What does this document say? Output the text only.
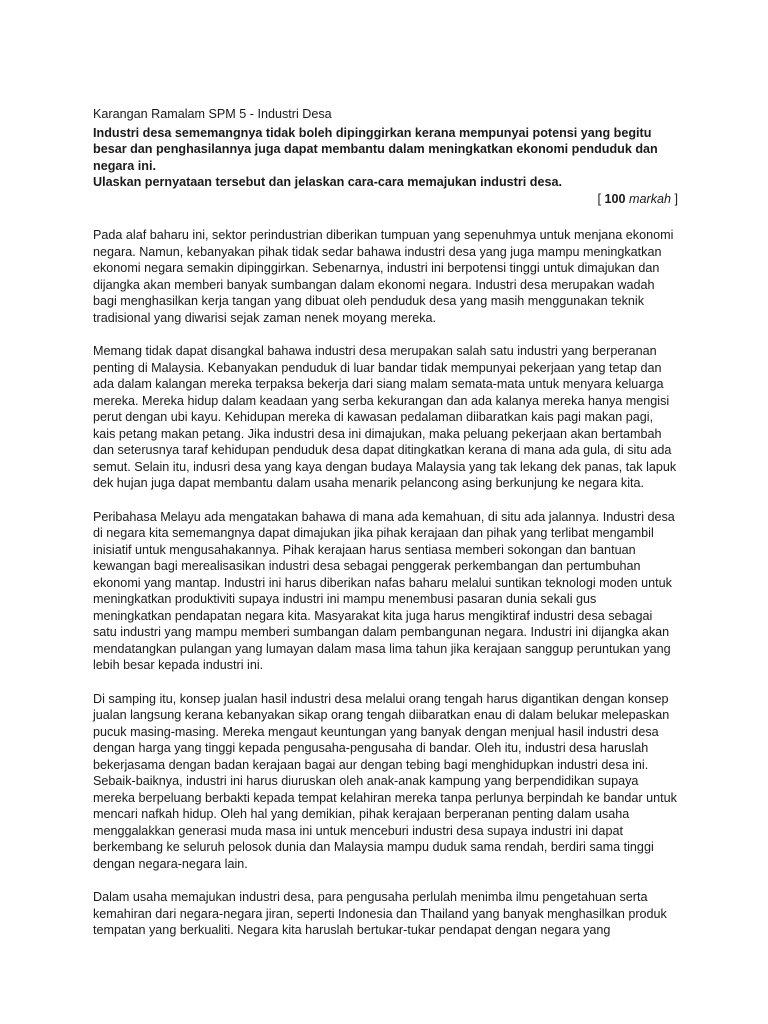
Karangan Ramalam SPM 5 - Industri Desa

Industri desa sememangnya tidak boleh dipinggirkan kerana mempunyai potensi yang begitu besar dan penghasilannya juga dapat membantu dalam meningkatkan ekonomi penduduk dan negara ini.

Ulaskan pernyataan tersebut dan jelaskan cara-cara memajukan industri desa.

[ 100 markah ]

Pada alaf baharu ini, sektor perindustrian diberikan tumpuan yang sepenuhmya untuk menjana ekonomi negara. Namun, kebanyakan pihak tidak sedar bahawa industri desa yang juga mampu meningkatkan ekonomi negara semakin dipinggirkan. Sebenarnya, industri ini berpotensi tinggi untuk dimajukan dan dijangka akan memberi banyak sumbangan dalam ekonomi negara. Industri desa merupakan wadah bagi menghasilkan kerja tangan yang dibuat oleh penduduk desa yang masih menggunakan teknik tradisional yang diwarisi sejak zaman nenek moyang mereka.

Memang tidak dapat disangkal bahawa industri desa merupakan salah satu industri yang berperanan penting di Malaysia. Kebanyakan penduduk di luar bandar tidak mempunyai pekerjaan yang tetap dan ada dalam kalangan mereka terpaksa bekerja dari siang malam semata-mata untuk menyara keluarga mereka. Mereka hidup dalam keadaan yang serba kekurangan dan ada kalanya mereka hanya mengisi perut dengan ubi kayu. Kehidupan mereka di kawasan pedalaman diibaratkan kais pagi makan pagi, kais petang makan petang. Jika industri desa ini dimajukan, maka peluang pekerjaan akan bertambah dan seterusnya taraf kehidupan penduduk desa dapat ditingkatkan kerana di mana ada gula, di situ ada semut. Selain itu, indusri desa yang kaya dengan budaya Malaysia yang tak lekang dek panas, tak lapuk dek hujan juga dapat membantu dalam usaha menarik pelancong asing berkunjung ke negara kita.

Peribahasa Melayu ada mengatakan bahawa di mana ada kemahuan, di situ ada jalannya. Industri desa di negara kita sememangnya dapat dimajukan jika pihak kerajaan dan pihak yang terlibat mengambil inisiatif untuk mengusahakannya. Pihak kerajaan harus sentiasa memberi sokongan dan bantuan kewangan bagi merealisasikan industri desa sebagai penggerak perkembangan dan pertumbuhan ekonomi yang mantap. Industri ini harus diberikan nafas baharu melalui suntikan teknologi moden untuk meningkatkan produktiviti supaya industri ini mampu menembusi pasaran dunia sekali gus meningkatkan pendapatan negara kita. Masyarakat kita juga harus mengiktiraf industri desa sebagai satu industri yang mampu memberi sumbangan dalam pembangunan negara. Industri ini dijangka akan mendatangkan pulangan yang lumayan dalam masa lima tahun jika kerajaan sanggup peruntukan yang lebih besar kepada industri ini.

Di samping itu, konsep jualan hasil industri desa melalui orang tengah harus digantikan dengan konsep jualan langsung kerana kebanyakan sikap orang tengah diibaratkan enau di dalam belukar melepaskan pucuk masing-masing. Mereka mengaut keuntungan yang banyak dengan menjual hasil industri desa dengan harga yang tinggi kepada pengusaha-pengusaha di bandar. Oleh itu, industri desa haruslah bekerjasama dengan badan kerajaan bagai aur dengan tebing bagi menghidupkan industri desa ini. Sebaik-baiknya, industri ini harus diuruskan oleh anak-anak kampung yang berpendidikan supaya mereka berpeluang berbakti kepada tempat kelahiran mereka tanpa perlunya berpindah ke bandar untuk mencari nafkah hidup. Oleh hal yang demikian, pihak kerajaan berperanan penting dalam usaha menggalakkan generasi muda masa ini untuk menceburi industri desa supaya industri ini dapat berkembang ke seluruh pelosok dunia dan Malaysia mampu duduk sama rendah, berdiri sama tinggi dengan negara-negara lain.

Dalam usaha memajukan industri desa, para pengusaha perlulah menimba ilmu pengetahuan serta kemahiran dari negara-negara jiran, seperti Indonesia dan Thailand yang banyak menghasilkan produk tempatan yang berkualiti. Negara kita haruslah bertukar-tukar pendapat dengan negara yang
